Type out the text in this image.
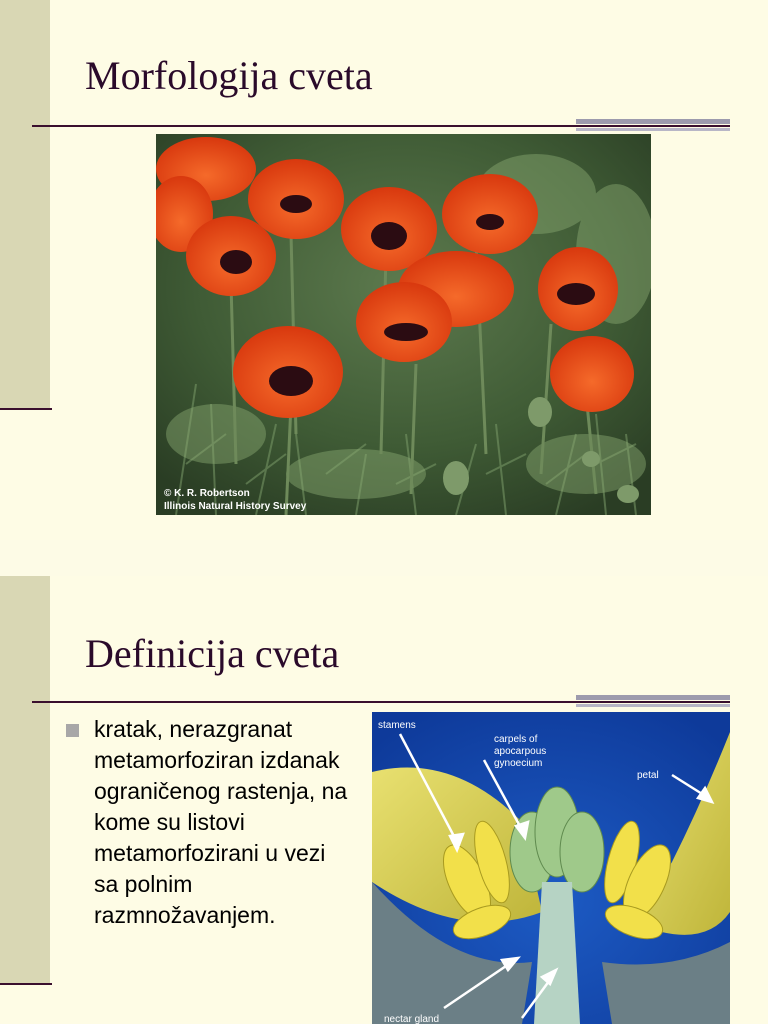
Morfologija cveta
© K. R. Robertson
Illinois Natural History Survey
Definicija cveta

kratak, nerazgranat metamorfoziran izdanak ograničenog rastenja, na kome su listovi metamorfozirani u vezi sa polnim razmnožavanjem.

stamens
carpels of
apocarpous
gynoecium
petal
nectar gland
